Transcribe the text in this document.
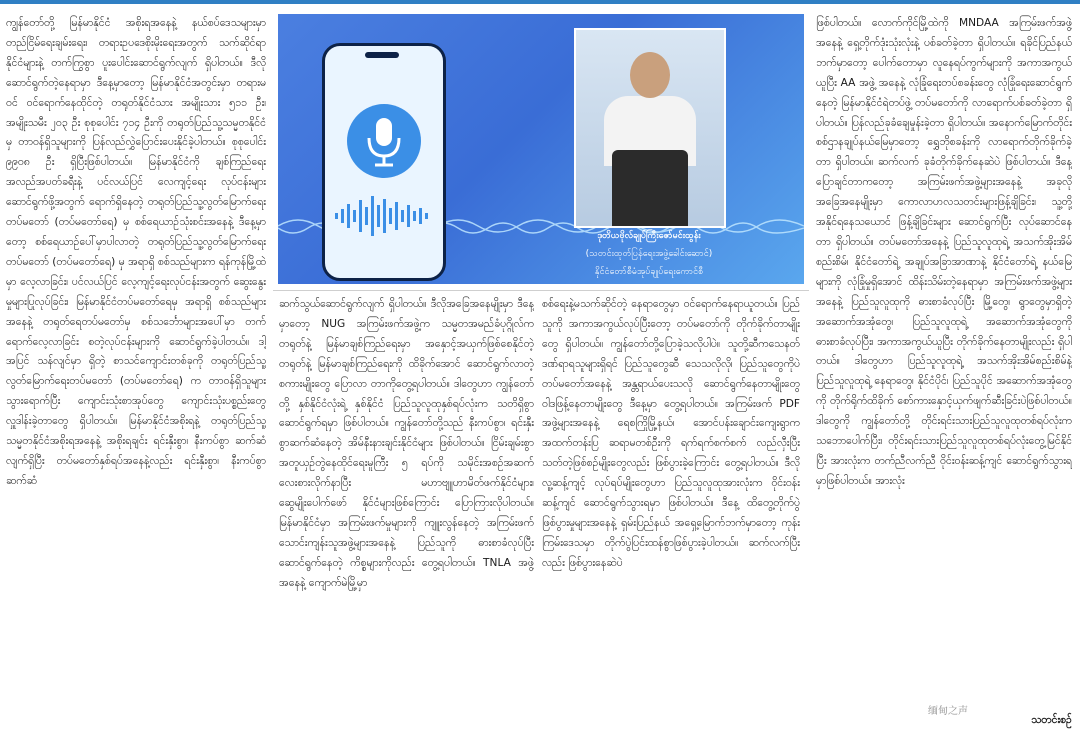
ကျွန်တော်တို့ မြန်မာနိုင်ငံ အစိုးရအနေနဲ့ နယ်စပ်ဒေသများမှာ တည်ငြိမ်ရေးချမ်းရေး၊ တရားဥပဒေစိုးမိုးရေးအတွက် သက်ဆိုင်ရာ နိုင်ငံများနဲ့ တက်ကြွစွာ ပူးပေါင်းဆောင်ရွက်လျက် ရှိပါတယ်။ ဒီလိုဆောင်ရွက်တဲ့နေရာမှာ ဒီနေ့မှာတော့ မြန်မာနိုင်ငံအတွင်းမှာ တရားမဝင် ဝင်ရောက်နေထိုင်တဲ့ တရုတ်နိုင်ငံသား အမျိုးသား ၅၁၁ ဦး၊ အမျိုးသမီး ၂၀၃ ဦး စုစုပေါင်း ၇၁၄ ဦးကို တရုတ်ပြည်သူ့သမ္မတနိုင်ငံမှ တာဝန်ရှိသူများကို ပြန်လည်လွှဲပြောင်းပေးနိုင်ခဲ့ပါတယ်။ စုစုပေါင်း ၉၉၀၈ ဦး ရှိပြီးဖြစ်ပါတယ်။ မြန်မာနိုင်ငံကို ချစ်ကြည်ရေးအလည်အပတ်ခရီးနဲ့ ပင်လယ်ပြင် လေကျင့်ရေး လုပ်ငန်းများ ဆောင်ရွက်ဖို့အတွက် ရောက်ရှိနေတဲ့ တရုတ်ပြည်သူ့လွတ်မြောက်ရေး တပ်မတော် (တပ်မတော်ရေ) မှ စစ်ရေယာဉ်သုံးစင်းအနေနဲ့ ဒီနေ့မှာတော့ စစ်ရေယာဉ်ပေါ်မှာပါလာတဲ့ တရုတ်ပြည်သူ့လွတ်မြောက်ရေး တပ်မတော် (တပ်မတော်ရေ) မှ အရာရှိ စစ်သည်များက ရန်ကုန်မြို့ထဲမှာ လေ့လာခြင်း၊ ပင်လယ်ပြင် လေ့ကျင့်ရေးလုပ်ငန်းအတွက် ဆွေးနွေးမှုများပြုလုပ်ခြင်း၊ မြန်မာနိုင်ငံတပ်မတော်ရေမှ အရာရှိ စစ်သည်များအနေနဲ့ တရုတ်ရေတပ်မတော်မှ စစ်သင်္ဘောများအပေါ်မှာ တက်ရောက်လေ့လာခြင်း စတဲ့လုပ်ငန်းများကို ဆောင်ရွက်ခဲ့ပါတယ်။ ဒါ့အပြင် သန်လျင်မှာ ရှိတဲ့ စာသင်ကျောင်းတစ်ခုကို တရုတ်ပြည်သူ့လွတ်မြောက်ရေးတပ်မတော် (တပ်မတော်ရေ) က တာဝန်ရှိသူများ သွားရောက်ပြီး ကျောင်းသုံးစာအုပ်တွေ ကျောင်းသုံးပစ္စည်းတွေ လှူဒါန်းခဲ့တာတွေ ရှိပါတယ်။ မြန်မာနိုင်ငံအစိုးရနဲ့ တရုတ်ပြည်သူ့သမ္မတနိုင်ငံအစိုးရအနေနဲ့ အစိုးရချင်း ရင်းနှီးစွာ၊ နီးကပ်စွာ ဆက်ဆံလျက်ရှိပြီး တပ်မတော်နှစ်ရပ်အနေနဲ့လည်း ရင်းနှီးစွာ၊ နီးကပ်စွာ ဆက်ဆံ

ဒုတိယဗိုလ်ချုပ်ကြီးဇော်မင်းထွန်း
(သတင်းထုတ်ပြန်ရေးအဖွဲ့ခေါင်းဆောင်)
နိုင်ငံတော်စီမံအုပ်ချုပ်ရေးကောင်စီ

ဆက်သွယ်ဆောင်ရွက်လျက် ရှိပါတယ်။ ဒီလိုအခြေအနေမျိုးမှာ ဒီနေ့မှာတော့ NUG အကြမ်းဖက်အဖွဲ့က သမ္မတအမည်ခံပုဂ္ဂိုလ်က တရုတ်နဲ့ မြန်မာချစ်ကြည်ရေးမှာ အနှောင့်အယှက်ဖြစ်စေနိုင်တဲ့ တရုတ်နဲ့ မြန်မာချစ်ကြည်ရေးကို ထိခိုက်အောင် ဆောင်ရွက်လာတဲ့ စကားမျိုးတွေ ပြောလာ တာကိုတွေ့ရပါတယ်။ ဒါတွေဟာ ကျွန်တော်တို့ နှစ်နိုင်ငံလုံးရဲ့ နှစ်နိုင်ငံ ပြည်သူလူထုနှစ်ရပ်လုံးက သတိရှိစွာ ဆောင်ရွက်ရမှာ ဖြစ်ပါတယ်။ ကျွန်တော်တို့သည် နီးကပ်စွာ၊ ရင်းနှီးစွာဆက်ဆံနေတဲ့ အိမ်နီးနားချင်းနိုင်ငံများ ဖြစ်ပါတယ်။ ငြိမ်းချမ်းစွာ အတူယှဉ်တွဲနေထိုင်ရေးမူကြီး ၅ ရပ်ကို သမိုင်းအစဉ်အဆက် လေးစားလိုက်နာပြီး မဟာဗျူဟာမိတ်ဖက်နိုင်ငံများ၊ ဆွေမျိုးပေါက်ဖော် နိုင်ငံများဖြစ်ကြောင်း ပြောကြားလိုပါတယ်။ မြန်မာနိုင်ငံမှာ အကြမ်းဖက်မှုများကို ကျူးလွန်နေတဲ့ အကြမ်းဖက်သောင်းကျန်းသူအဖွဲ့များအနေနဲ့ ပြည်သူကို ဓားစာခံလုပ်ပြီး ဆောင်ရွက်နေတဲ့ ကိစ္စများကိုလည်း တွေ့ရပါတယ်။ TNLA အဖွဲ့အနေနဲ့ ကျောက်မဲမြို့မှာ

စစ်ရေးနဲ့မသက်ဆိုင်တဲ့ နေရာတွေမှာ ဝင်ရောက်နေရာယူတယ်။ ပြည်သူကို အကာအကွယ်လုပ်ပြီးတော့ တပ်မတော်ကို တိုက်ခိုက်တာမျိုးတွေ ရှိပါတယ်။ ကျွန်တော်တို့ပြောခဲ့သလိုပါပဲ။ သူတို့ဆီကသေနတ်ဒဏ်ရာရသူများရှိရင် ပြည်သူတွေဆီ သေသလိုလို၊ ပြည်သူတွေကိုပဲ တပ်မတော်အနေနဲ့ အန္တရာယ်ပေးသလို ဆောင်ရွက်နေတာမျိုးတွေ ဝါဒဖြန့်နေတာမျိုးတွေ ဒီနေ့မှာ တွေ့ရပါတယ်။ အကြမ်းဖက် PDF အဖွဲ့များအနေနဲ့ ရေစကြိုမြို့နယ်၊ အောင်ပန်းချောင်းကျေးရွာက အထက်တန်းပြ ဆရာမတစ်ဦးကို ရက်ရက်စက်စက် လည်လှီးပြီး သတ်တဲ့ဖြစ်စဉ်မျိုးတွေလည်း ဖြစ်ပွားခဲ့ကြောင်း တွေ့ရပါတယ်။ ဒီလိုလူ့ဆန့်ကျင့် လုပ်ရပ်မျိုးတွေဟာ ပြည်သူလူထုအားလုံးက ဝိုင်းဝန်းဆန့်ကျင် ဆောင်ရွက်သွားရမှာ ဖြစ်ပါတယ်။ ဒီနေ့ ထိတွေ့တိုက်ပွဲ ဖြစ်ပွားမှုများအနေနဲ့ ရှမ်းပြည်နယ် အရှေ့မြောက်ဘက်မှာတော့ ကုန်းကြမ်းဒေသမှာ တိုက်ပွဲပြင်းထန်စွာဖြစ်ပွားခဲ့ပါတယ်။ ဆက်လက်ပြီးလည်း ဖြစ်ပွားနေဆဲပဲ

ဖြစ်ပါတယ်။ လောက်ကိုင်မြို့ထဲကို MNDAA အကြမ်းဖက်အဖွဲ့ အနေနဲ့ ရှေ့တိုက်ဒုံးသုံးလုံးနဲ့ ပစ်ခတ်ခဲ့တာ ရှိပါတယ်။ ရခိုင်ပြည်နယ်ဘက်မှာတော့ ပေါက်တောမှာ လူနေရပ်ကွက်များကို အကာအကွယ်ယူပြီး AA အဖွဲ့ အနေနဲ့ လုံခြုံရေးတပ်စခန်းတွေ လုံခြုံရေးဆောင်ရွက်နေတဲ့ မြန်မာနိုင်ငံရဲတပ်ဖွဲ့ တပ်မတော်ကို လာရောက်ပစ်ခတ်ခဲ့တာ ရှိပါတယ်။ ပြန်လည်ခုခံချေမှုန်းခဲ့တာ ရှိပါတယ်။ အနောက်မြောက်တိုင်း စစ်ဌာနချုပ်နယ်မြေမှာတော့ ရွှေဘိုစခန်းကို လာရောက်တိုက်ခိုက်ခဲ့တာ ရှိပါတယ်။ ဆက်လက် ခုခံတိုက်ခိုက်နေဆဲပဲ ဖြစ်ပါတယ်။ ဒီနေ့ပြောချင်တာကတော့ အကြမ်းဖက်အဖွဲ့များအနေနဲ့ အခုလိုအခြေအနေမျိုးမှာ ကောလာဟလသတင်းများဖြန့်ချိခြင်း၊ သူ့တို့ အနိုင်ရနေသယောင် ဖြန့်ချိခြင်းများ ဆောင်ရွက်ပြီး လုပ်ဆောင်နေတာ ရှိပါတယ်။ တပ်မတော်အနေနဲ့ ပြည်သူလူထုရဲ့ အသက်အိုးအိမ်စည်းစိမ်၊ နိုင်ငံတော်ရဲ့ အချုပ်အခြာအာဏာနဲ့ နိုင်ငံတော်ရဲ့ နယ်မြေများကို လုံခြုံမှုရှိအောင် ထိန်းသိမ်းတဲ့နေရာမှာ အကြမ်းဖက်အဖွဲ့များအနေနဲ့ ပြည်သူလူထုကို ဓားစာခံလုပ်ပြီး မြို့တွေ၊ ရွာတွေမှာရှိတဲ့ အဆောက်အအုံတွေ၊ ပြည်သူလူထုရဲ့ အဆောက်အအုံတွေကို ဓားစာခံလုပ်ပြီး၊ အကာအကွယ်ယူပြီး တိုက်ခိုက်နေတာမျိုးလည်း ရှိပါတယ်။ ဒါတွေဟာ ပြည်သူလူထုရဲ့ အသက်အိုးအိမ်စည်းစိမ်နဲ့ ပြည်သူလူထုရဲ့ နေရာတွေ၊ နိုင်ငံပိုင်၊ ပြည်သူပိုင် အဆောက်အအုံတွေကို တိုက်ရိုက်ထိခိုက် စော်ကားနှောင့်ယှက်ဖျက်ဆီးခြင်းပဲဖြစ်ပါတယ်။ ဒါတွေကို ကျွန်တော်တို့ တိုင်းရင်းသားပြည်သူလူထုတစ်ရပ်လုံးက သဘောပေါက်ပြီး၊ တိုင်းရင်းသားပြည်သူလူထုတစ်ရပ်လုံးတွေ့မြင်နိုင်ပြီး အားလုံးက တက်ညီလက်ညီ ဝိုင်းဝန်းဆန့်ကျင် ဆောင်ရွက်သွားရမှာဖြစ်ပါတယ်။ အားလုံး

缅甸之声
သတင်းစဉ်
